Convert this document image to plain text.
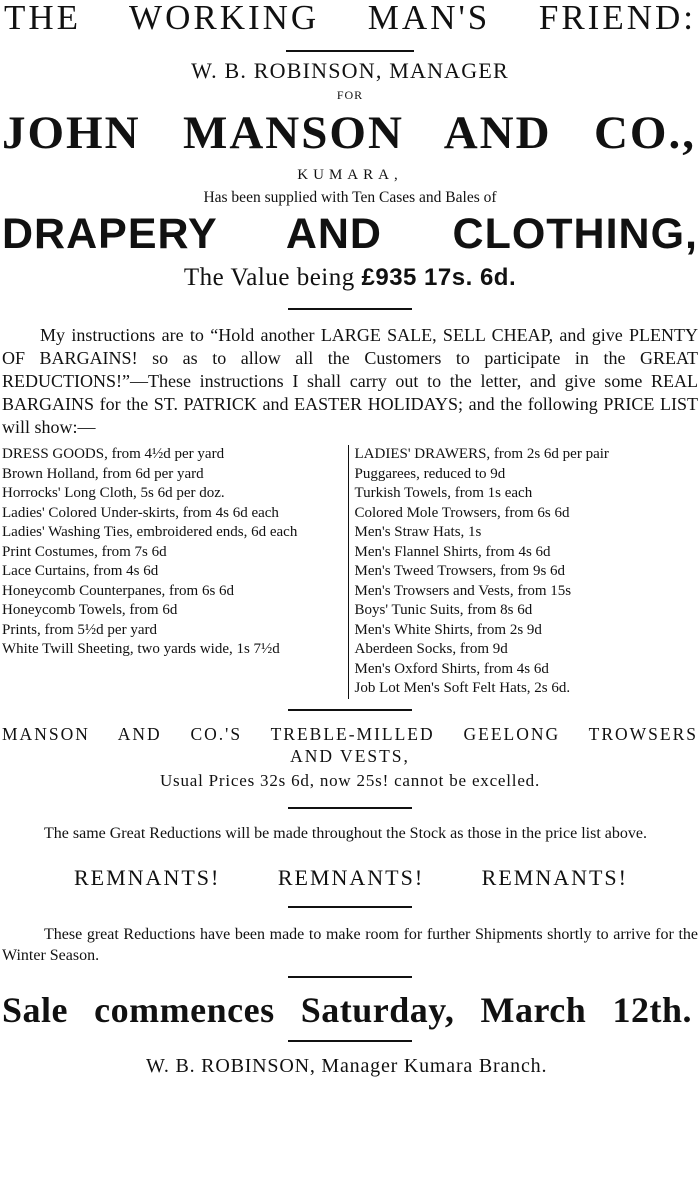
THE WORKING MAN'S FRIEND:
W. B. ROBINSON, MANAGER
FOR
JOHN MANSON AND CO.,
KUMARA,
Has been supplied with Ten Cases and Bales of
DRAPERY AND CLOTHING,
The Value being £935 17s. 6d.

My instructions are to “Hold another LARGE SALE, SELL CHEAP, and give PLENTY OF BARGAINS! so as to allow all the Customers to participate in the GREAT REDUCTIONS!”—These instructions I shall carry out to the letter, and give some REAL BARGAINS for the ST. PATRICK and EASTER HOLIDAYS; and the following PRICE LIST will show:—

DRESS GOODS, from 4½d per yard

Brown Holland, from 6d per yard

Horrocks' Long Cloth, 5s 6d per doz.

Ladies' Colored Under-skirts, from 4s 6d each

Ladies' Washing Ties, embroidered ends, 6d each

Print Costumes, from 7s 6d

Lace Curtains, from 4s 6d

Honeycomb Counterpanes, from 6s 6d

Honeycomb Towels, from 6d

Prints, from 5½d per yard

White Twill Sheeting, two yards wide, 1s 7½d

LADIES' DRAWERS, from 2s 6d per pair

Puggarees, reduced to 9d

Turkish Towels, from 1s each

Colored Mole Trowsers, from 6s 6d

Men's Straw Hats, 1s

Men's Flannel Shirts, from 4s 6d

Men's Tweed Trowsers, from 9s 6d

Men's Trowsers and Vests, from 15s

Boys' Tunic Suits, from 8s 6d

Men's White Shirts, from 2s 9d

Aberdeen Socks, from 9d

Men's Oxford Shirts, from 4s 6d

Job Lot Men's Soft Felt Hats, 2s 6d.

MANSON AND CO.'S TREBLE-MILLED GEELONG TROWSERS
AND VESTS,
Usual Prices 32s 6d, now 25s! cannot be excelled.

The same Great Reductions will be made throughout the Stock as those in the price list above.

REMNANTS! REMNANTS! REMNANTS!

These great Reductions have been made to make room for further Shipments shortly to arrive for the Winter Season.

Sale commences Saturday, March 12th.
W. B. ROBINSON, Manager Kumara Branch.
